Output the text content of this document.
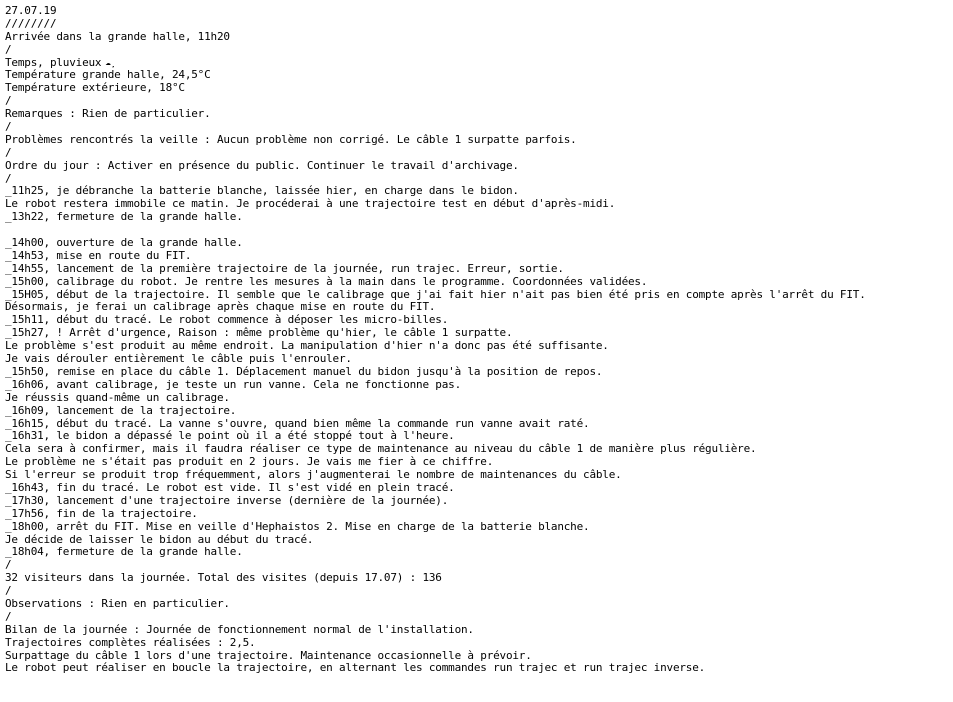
27.07.19
////////
Arrivée dans la grande halle, 11h20
/
Temps, pluvieux ☁̦̦
Température grande halle, 24,5°C
Température extérieure, 18°C
/
Remarques : Rien de particulier.
/
Problèmes rencontrés la veille : Aucun problème non corrigé. Le câble 1 surpatte parfois.
/
Ordre du jour : Activer en présence du public. Continuer le travail d'archivage.
/
_11h25, je débranche la batterie blanche, laissée hier, en charge dans le bidon.
Le robot restera immobile ce matin. Je procéderai à une trajectoire test en début d'après-midi.
_13h22, fermeture de la grande halle.
_14h00, ouverture de la grande halle.
_14h53, mise en route du FIT.
_14h55, lancement de la première trajectoire de la journée, run trajec. Erreur, sortie.
_15h00, calibrage du robot. Je rentre les mesures à la main dans le programme. Coordonnées validées.
_15H05, début de la trajectoire. Il semble que le calibrage que j'ai fait hier n'ait pas bien été pris en compte après l'arrêt du FIT.
Désormais, je ferai un calibrage après chaque mise en route du FIT.
_15h11, début du tracé. Le robot commence à déposer les micro-billes.
_15h27, ! Arrêt d'urgence, Raison : même problème qu'hier, le câble 1 surpatte.
Le problème s'est produit au même endroit. La manipulation d'hier n'a donc pas été suffisante.
Je vais dérouler entièrement le câble puis l'enrouler.
_15h50, remise en place du câble 1. Déplacement manuel du bidon jusqu'à la position de repos.
_16h06, avant calibrage, je teste un run vanne. Cela ne fonctionne pas.
Je réussis quand-même un calibrage.
_16h09, lancement de la trajectoire.
_16h15, début du tracé. La vanne s'ouvre, quand bien même la commande run vanne avait raté.
_16h31, le bidon a dépassé le point où il a été stoppé tout à l'heure.
Cela sera à confirmer, mais il faudra réaliser ce type de maintenance au niveau du câble 1 de manière plus régulière.
Le problème ne s'était pas produit en 2 jours. Je vais me fier à ce chiffre.
Si l'erreur se produit trop fréquemment, alors j'augmenterai le nombre de maintenances du câble.
_16h43, fin du tracé. Le robot est vide. Il s'est vidé en plein tracé.
_17h30, lancement d'une trajectoire inverse (dernière de la journée).
_17h56, fin de la trajectoire.
_18h00, arrêt du FIT. Mise en veille d'Hephaistos 2. Mise en charge de la batterie blanche.
Je décide de laisser le bidon au début du tracé.
_18h04, fermeture de la grande halle.
/
32 visiteurs dans la journée. Total des visites (depuis 17.07) : 136
/
Observations : Rien en particulier.
/
Bilan de la journée : Journée de fonctionnement normal de l'installation.
Trajectoires complètes réalisées : 2,5.
Surpattage du câble 1 lors d'une trajectoire. Maintenance occasionnelle à prévoir.
Le robot peut réaliser en boucle la trajectoire, en alternant les commandes run trajec et run trajec inverse.
